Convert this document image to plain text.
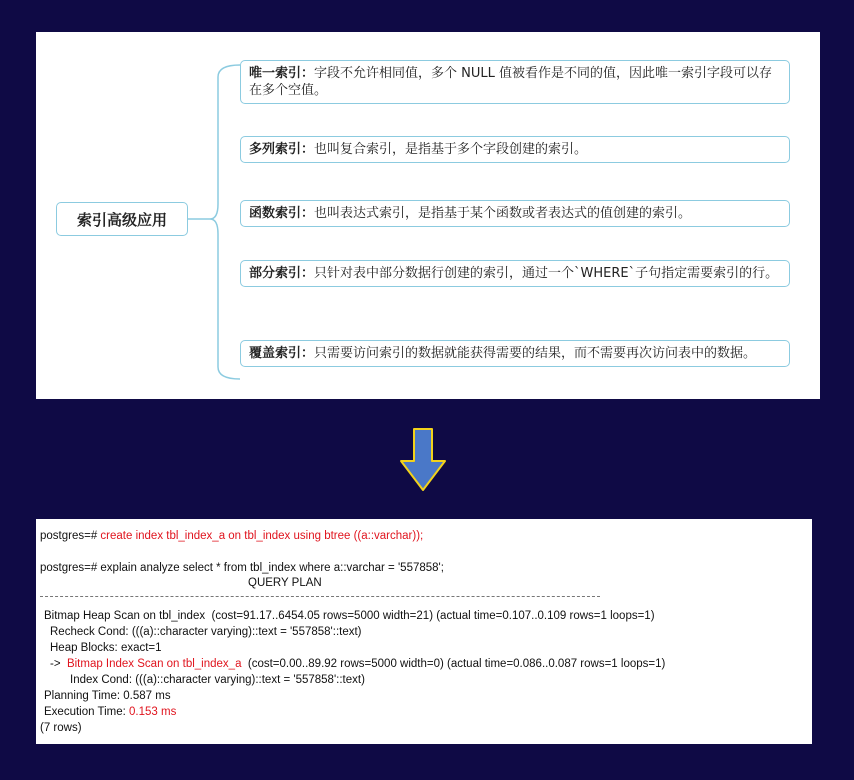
索引高级应用
唯一索引：字段不允许相同值，多个 NULL 值被看作是不同的值，因此唯一索引字段可以存在多个空值。
多列索引：也叫复合索引，是指基于多个字段创建的索引。
函数索引：也叫表达式索引，是指基于某个函数或者表达式的值创建的索引。
部分索引：只针对表中部分数据行创建的索引，通过一个`WHERE`子句指定需要索引的行。
覆盖索引：只需要访问索引的数据就能获得需要的结果，而不需要再次访问表中的数据。
postgres=# create index tbl_index_a on tbl_index using btree ((a::varchar));
postgres=# explain analyze select * from tbl_index where a::varchar = '557858';
QUERY PLAN
Bitmap Heap Scan on tbl_index  (cost=91.17..6454.05 rows=5000 width=21) (actual time=0.107..0.109 rows=1 loops=1)
Recheck Cond: (((a)::character varying)::text = '557858'::text)
Heap Blocks: exact=1
->  Bitmap Index Scan on tbl_index_a  (cost=0.00..89.92 rows=5000 width=0) (actual time=0.086..0.087 rows=1 loops=1)
Index Cond: (((a)::character varying)::text = '557858'::text)
Planning Time: 0.587 ms
Execution Time: 0.153 ms
(7 rows)
